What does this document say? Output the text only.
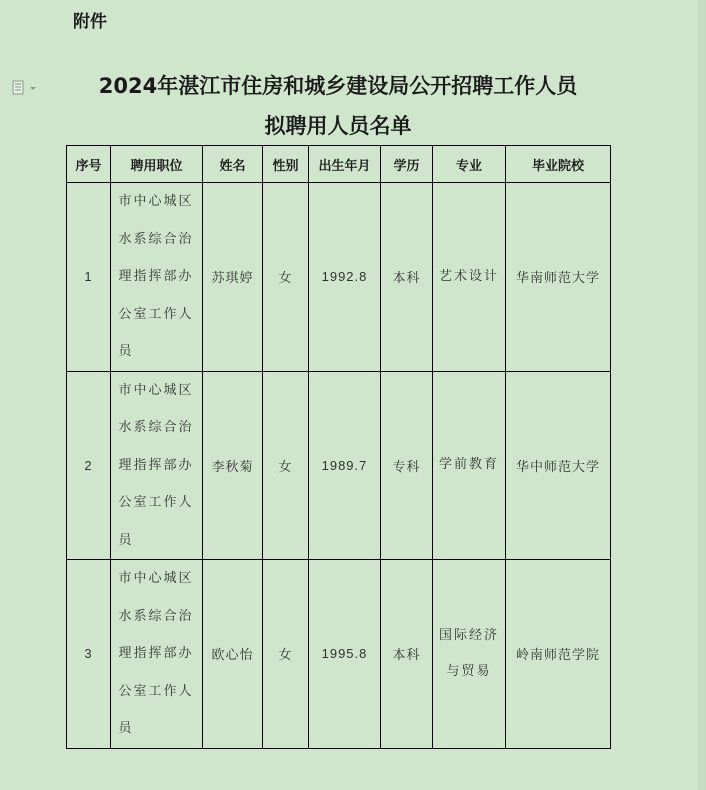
附件
2024年湛江市住房和城乡建设局公开招聘工作人员
拟聘用人员名单
序号	聘用职位	姓名	性别	出生年月	学历	专业	毕业院校
1	市中心城区水系综合治理指挥部办公室工作人员	苏琪婷	女	1992.8	本科	艺术设计	华南师范大学
2	市中心城区水系综合治理指挥部办公室工作人员	李秋菊	女	1989.7	专科	学前教育	华中师范大学
3	市中心城区水系综合治理指挥部办公室工作人员	欧心怡	女	1995.8	本科	国际经济与贸易	岭南师范学院
